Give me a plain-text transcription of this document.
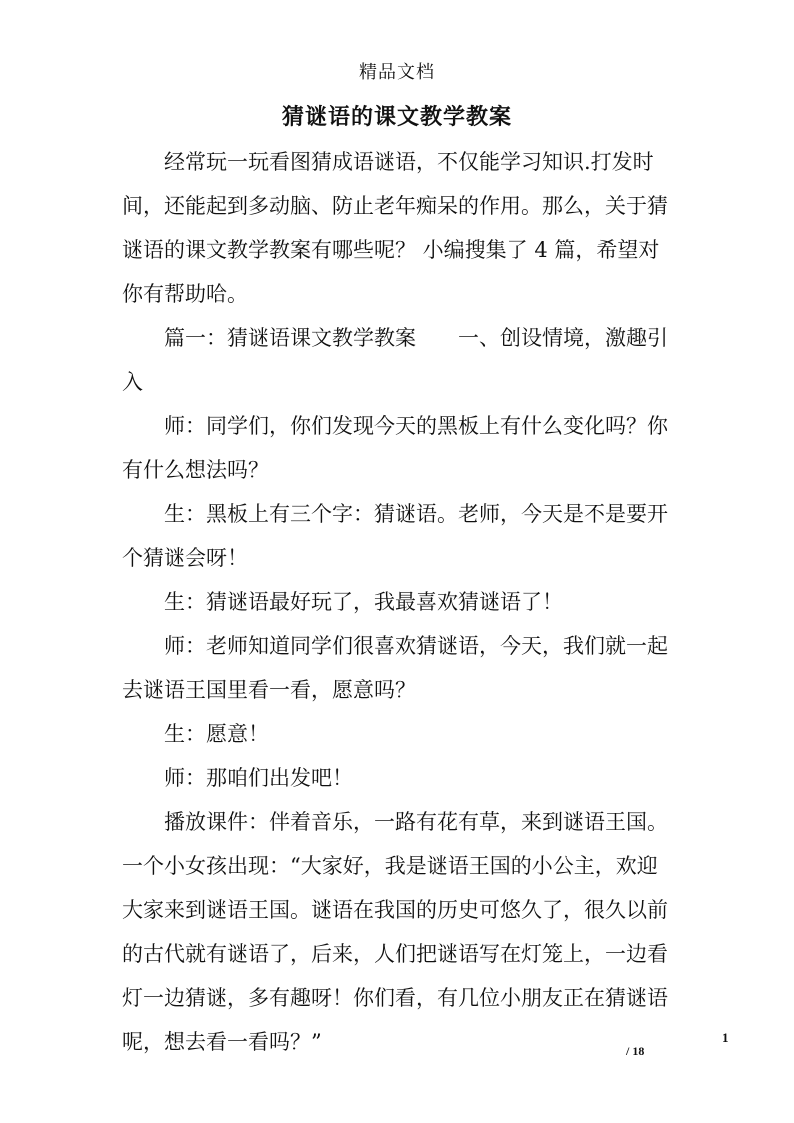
精品文档
猜谜语的课文教学教案

经常玩一玩看图猜成语谜语，不仅能学习知识.打发时间，还能起到多动脑、防止老年痴呆的作用。那么，关于猜谜语的课文教学教案有哪些呢？ 小编搜集了 4 篇，希望对你有帮助哈。

篇一：猜谜语课文教学教案　　一、创设情境，激趣引入

师：同学们，你们发现今天的黑板上有什么变化吗？你有什么想法吗？

生：黑板上有三个字：猜谜语。老师，今天是不是要开个猜谜会呀！

生：猜谜语最好玩了，我最喜欢猜谜语了！

师：老师知道同学们很喜欢猜谜语，今天，我们就一起去谜语王国里看一看，愿意吗？

生：愿意！

师：那咱们出发吧！

播放课件：伴着音乐，一路有花有草，来到谜语王国。一个小女孩出现：“大家好，我是谜语王国的小公主，欢迎大家来到谜语王国。谜语在我国的历史可悠久了，很久以前的古代就有谜语了，后来，人们把谜语写在灯笼上，一边看灯一边猜谜，多有趣呀！你们看，有几位小朋友正在猜谜语呢，想去看一看吗？”	1
/ 18
